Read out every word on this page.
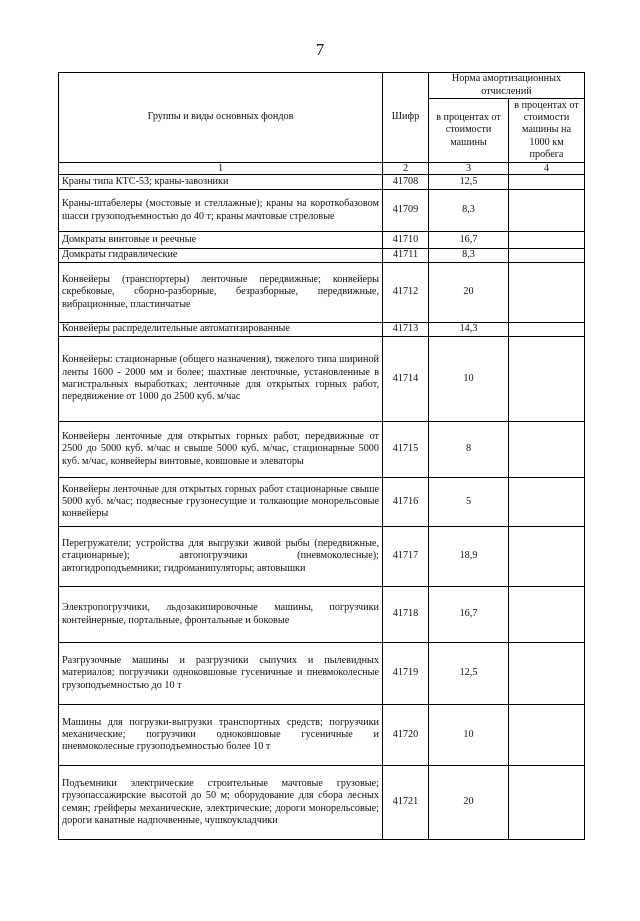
7
Группы и виды основных фондов	Шифр	Норма амортизационных отчислений	
		в процентах от стоимости машины	в процентах от стоимости машины на 1000 км пробега
1	2	3	4
Краны типа КТС-53; краны-завозники	41708	12,5	
Краны-штабелеры (мостовые и стеллажные); краны на короткобазовом шасси грузоподъемностью до 40 т; краны мачтовые стреловые	41709	8,3	
Домкраты винтовые и реечные	41710	16,7	
Домкраты гидравлические	41711	8,3	
Конвейеры (транспортеры) ленточные передвижные; конвейеры скребковые, сборно-разборные, безразборные, передвижные, вибрационные, пластинчатые	41712	20	
Конвейеры распределительные автоматизированные	41713	14,3	
Конвейеры: стационарные (общего назначения), тяжелого типа шириной ленты 1600 - 2000 мм и более; шахтные ленточные, установленные в магистральных выработках; ленточные для открытых горных работ, передвижение от 1000 до 2500 куб. м/час	41714	10	
Конвейеры ленточные для открытых горных работ, передвижные от 2500 до 5000 куб. м/час и свыше 5000 куб. м/час, стационарные 5000 куб. м/час, конвейеры винтовые, ковшовые и элеваторы	41715	8	
Конвейеры ленточные для открытых горных работ стационарные свыше 5000 куб. м/час; подвесные грузонесущие и толкающие монорельсовые конвейеры	41716	5	
Перегружатели; устройства для выгрузки живой рыбы (передвижные, стационарные); автопогрузчики (пневмоколесные); автогидроподъемники; гидроманипуляторы; автовышки	41717	18,9	
Электропогрузчики, льдозакипировочные машины, погрузчики контейнерные, портальные, фронтальные и боковые	41718	16,7	
Разгрузочные машины и разгрузчики сыпучих и пылевидных материалов; погрузчики одноковшовые гусеничные и пневмоколесные грузоподъемностью до 10 т	41719	12,5	
Машины для погрузки-выгрузки транспортных средств; погрузчики механические; погрузчики одноковшовые гусеничные и пневмоколесные грузоподъемностью более 10 т	41720	10	
Подъемники электрические строительные мачтовые грузовые; грузопассажирские высотой до 50 м; оборудование для сбора лесных семян; грейферы механические, электрические; дороги монорельсовые; дороги канатные надпочвенные, чушкоукладчики	41721	20	
